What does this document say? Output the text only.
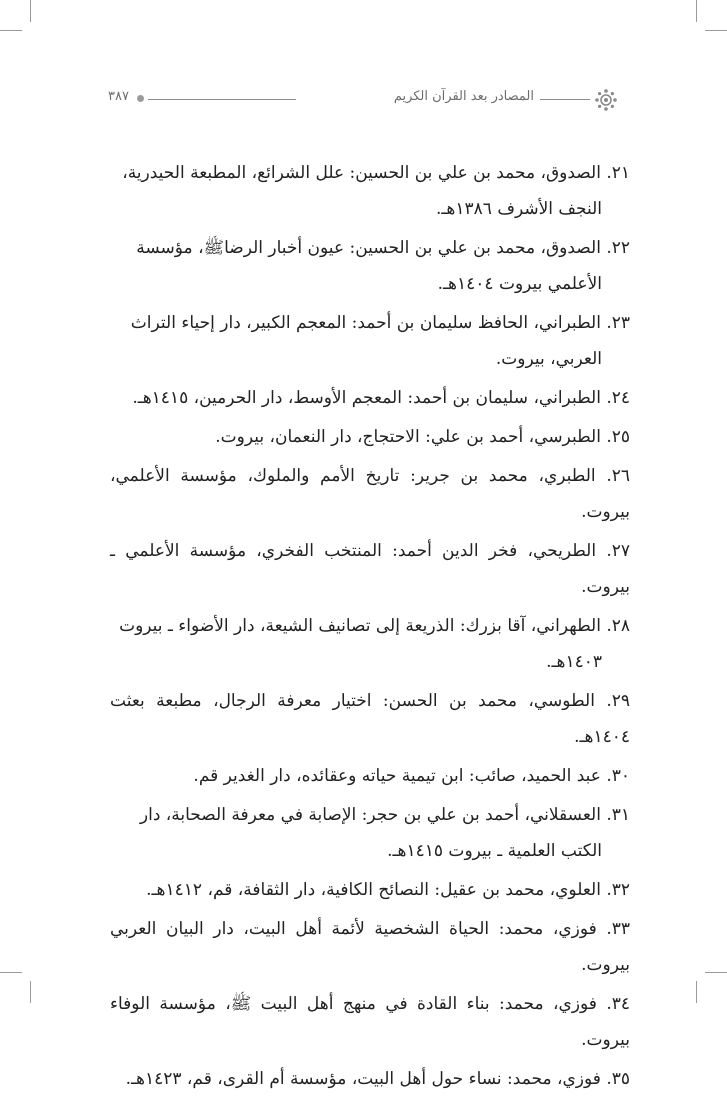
٣٨٧	المصادر بعد القرآن الكريم
٢١. الصدوق، محمد بن علي بن الحسين: علل الشرائع، المطبعة الحيدرية،
النجف الأشرف ١٣٨٦هـ.
٢٢. الصدوق، محمد بن علي بن الحسين: عيون أخبار الرضاﷺ، مؤسسة
الأعلمي بيروت ١٤٠٤هـ.
٢٣. الطبراني، الحافظ سليمان بن أحمد: المعجم الكبير، دار إحياء التراث
العربي، بيروت.
٢٤. الطبراني، سليمان بن أحمد: المعجم الأوسط، دار الحرمين، ١٤١٥هـ.
٢٥. الطبرسي، أحمد بن علي: الاحتجاج، دار النعمان، بيروت.
٢٦. الطبري، محمد بن جرير: تاريخ الأمم والملوك، مؤسسة الأعلمي، بيروت.
٢٧. الطريحي، فخر الدين أحمد: المنتخب الفخري، مؤسسة الأعلمي ـ بيروت.
٢٨. الطهراني، آقا بزرك: الذريعة إلى تصانيف الشيعة، دار الأضواء ـ بيروت
١٤٠٣هـ.
٢٩. الطوسي، محمد بن الحسن: اختيار معرفة الرجال، مطبعة بعثت ١٤٠٤هـ.
٣٠. عبد الحميد، صائب: ابن تيمية حياته وعقائده، دار الغدير قم.
٣١. العسقلاني، أحمد بن علي بن حجر: الإصابة في معرفة الصحابة، دار
الكتب العلمية ـ بيروت ١٤١٥هـ.
٣٢. العلوي، محمد بن عقيل: النصائح الكافية، دار الثقافة، قم، ١٤١٢هـ.
٣٣. فوزي، محمد: الحياة الشخصية لأئمة أهل البيت، دار البيان العربي بيروت.
٣٤. فوزي، محمد: بناء القادة في منهج أهل البيت ﷺ، مؤسسة الوفاء بيروت.
٣٥. فوزي، محمد: نساء حول أهل البيت، مؤسسة أم القرى، قم، ١٤٢٣هـ.
